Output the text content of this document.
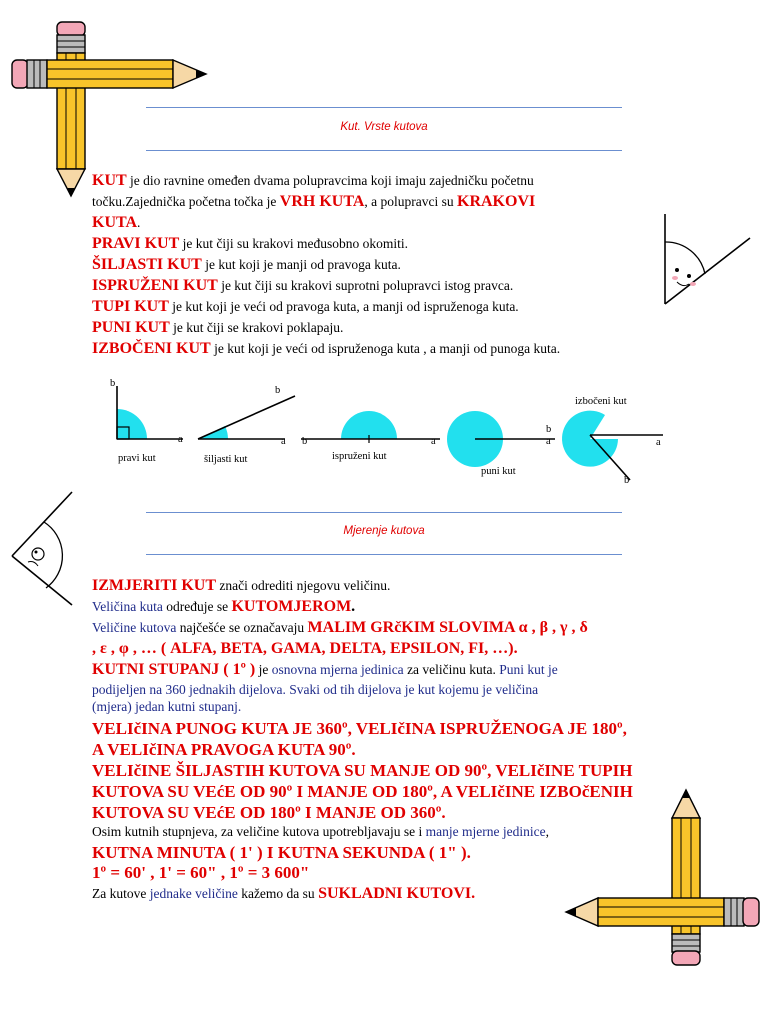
Kut. Vrste kutova
KUT je dio ravnine omeđen dvama polupravcima koji imaju zajedničku početnu
točku.Zajednička početna točka je VRH KUTA, a polupravci su KRAKOVI
KUTA.
PRAVI KUT je kut čiji su krakovi međusobno okomiti.
ŠILJASTI KUT je kut koji je manji od pravoga kuta.
ISPRUŽENI KUT je kut čiji su krakovi suprotni polupravci istog pravca.
TUPI KUT je kut koji je veći od pravoga kuta, a manji od ispruženoga kuta.
PUNI KUT je kut čiji se krakovi poklapaju.
IZBOČENI KUT je kut koji je veći od ispruženoga kuta , a manji od punoga kuta.
b
a
pravi kut
b
a
šiljasti kut
b	a
ispruženi kut
b
a
puni kut
izbočeni kut
a
b
Mjerenje kutova
IZMJERITI KUT znači odrediti njegovu veličinu.
Veličina kuta određuje se KUTOMJEROM.
Veličine kutova najčešće se označavaju MALIM GRčKIM SLOVIMA α , β , γ , δ
, ε , φ , … ( ALFA, BETA, GAMA, DELTA, EPSILON, FI, …).
KUTNI STUPANJ ( 1º ) je osnovna mjerna jedinica za veličinu kuta. Puni kut je
podijeljen na 360 jednakih dijelova. Svaki od tih dijelova je kut kojemu je veličina
(mjera) jedan kutni stupanj.
VELIčINA PUNOG KUTA JE 360º, VELIčINA ISPRUŽENOGA JE 180º,
A VELIčINA PRAVOGA KUTA 90º.
VELIčINE ŠILJASTIH KUTOVA SU MANJE OD 90º, VELIčINE TUPIH
KUTOVA SU VEćE OD 90º I MANJE OD 180º, A VELIčINE IZBOčENIH
KUTOVA SU VEćE OD 180º I MANJE OD 360º.
Osim kutnih stupnjeva, za veličine kutova upotrebljavaju se i manje mjerne jedinice,
KUTNA MINUTA ( 1' ) I KUTNA SEKUNDA ( 1" ).
1º = 60' , 1' = 60" , 1º = 3 600"
Za kutove jednake veličine kažemo da su SUKLADNI KUTOVI.
